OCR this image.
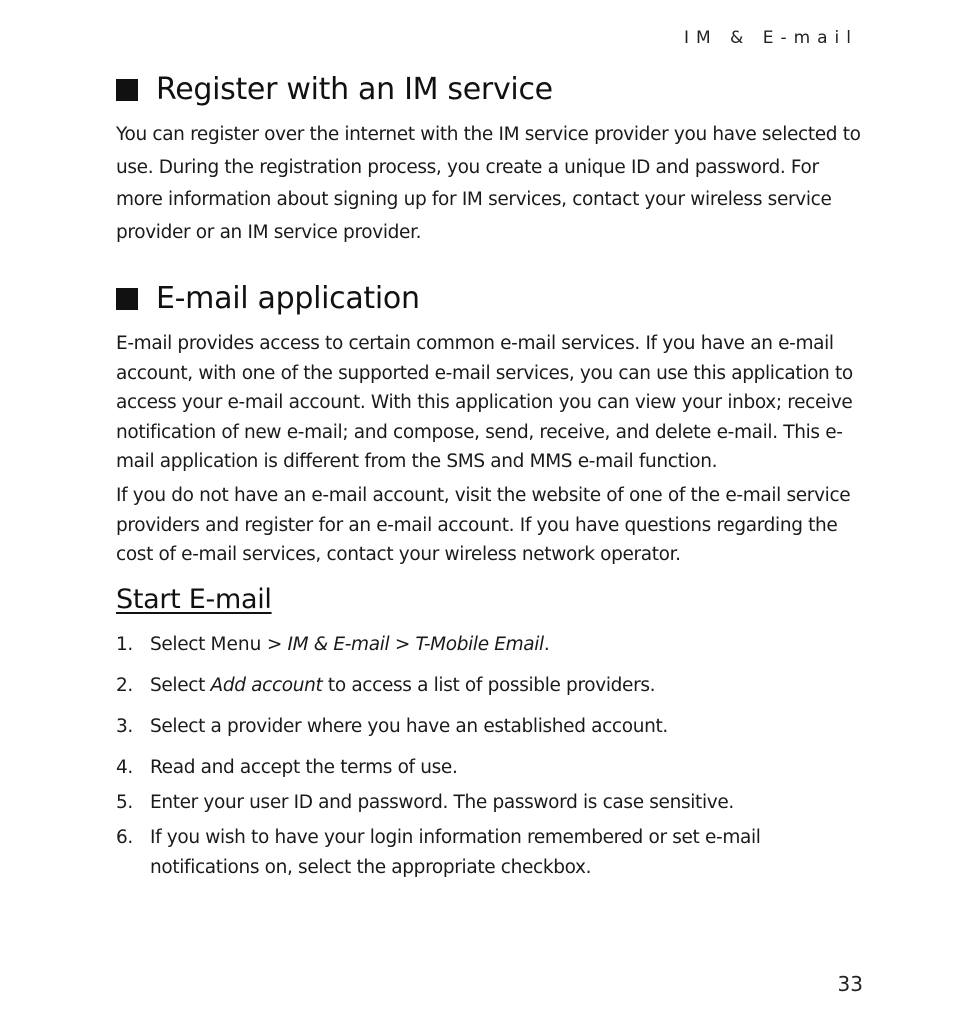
IM & E-mail
Register with an IM service

You can register over the internet with the IM service provider you have selected to use. During the registration process, you create a unique ID and password. For more information about signing up for IM services, contact your wireless service provider or an IM service provider.

E-mail application

E-mail provides access to certain common e-mail services. If you have an e-mail account, with one of the supported e-mail services, you can use this application to access your e-mail account. With this application you can view your inbox; receive notification of new e-mail; and compose, send, receive, and delete e-mail. This e-mail application is different from the SMS and MMS e-mail function.

If you do not have an e-mail account, visit the website of one of the e-mail service providers and register for an e-mail account. If you have questions regarding the cost of e-mail services, contact your wireless network operator.

Start E-mail
1. Select Menu > IM & E-mail > T-Mobile Email.
2. Select Add account to access a list of possible providers.
3. Select a provider where you have an established account.
4. Read and accept the terms of use.
5. Enter your user ID and password. The password is case sensitive.
6. If you wish to have your login information remembered or set e-mail notifications on, select the appropriate checkbox.
33
